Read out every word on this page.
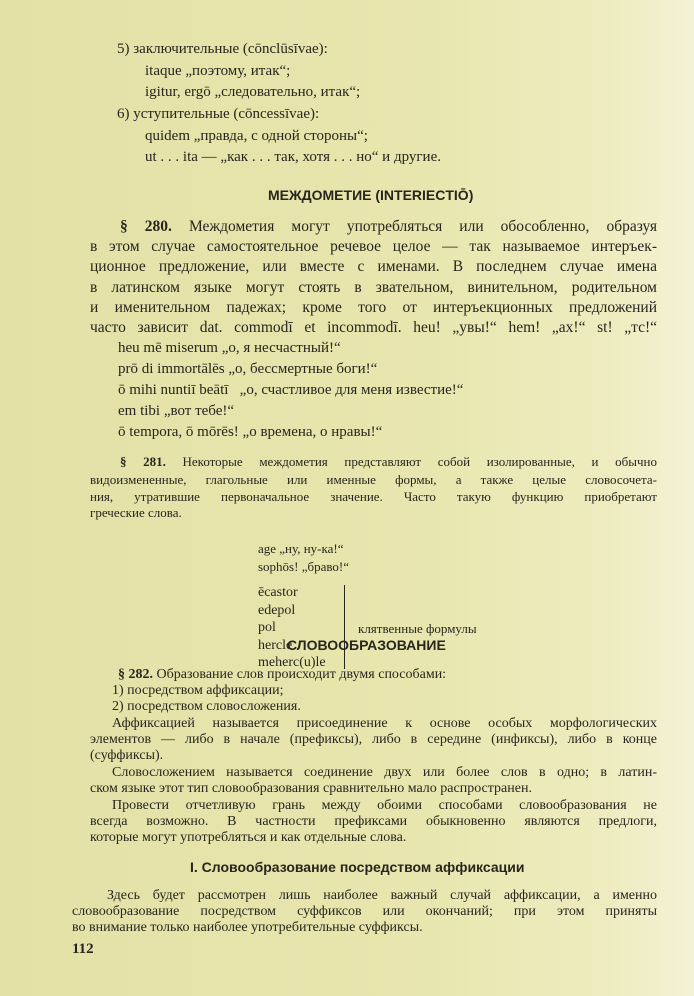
5) заключительные (cōnclūsīvae):
itaque „поэтому, итак“;
igitur, ergō „следовательно, итак“;
6) уступительные (cōncessīvae):
quidem „правда, с одной стороны“;
ut . . . ita — „как . . . так, хотя . . . но“ и другие.
МЕЖДОМЕТИЕ (INTERIECTIŌ)
§ 280. Междометия могут употребляться или обособленно, образуя
в этом случае самостоятельное речевое целое — так называемое интеръек-
ционное предложение, или вместе с именами. В последнем случае имена
в латинском языке могут стоять в звательном, винительном, родительном
и именительном падежах; кроме того от интеръекционных предложений
часто зависит dat. commodī et incommodī. heu! „увы!“ hem! „ах!“ st! „тс!“
heu mē miserum „о, я несчастный!“
prō di immortālēs „о, бессмертные боги!“
ō mihi nuntiī beātī   „о, счастливое для меня известие!“
em tibi „вот тебе!“
ō tempora, ō mōrēs! „о времена, о нравы!“
§ 281. Некоторые междометия представляют собой изолированные, и обычно
видоизмененные, глагольные или именные формы, а также целые словосочета-
ния, утратившие первоначальное значение. Часто такую функцию приобретают
греческие слова.
age „ну, ну-ка!“
sophōs! „браво!“
ēcastor
edepol
pol
hercle
meherc(u)le
клятвенные формулы
СЛОВООБРАЗОВАНИЕ
§ 282. Образование слов происходит двумя способами:
1) посредством аффиксации;
2) посредством словосложения.
Аффиксацией называется присоединение к основе особых морфологических
элементов — либо в начале (префиксы), либо в середине (инфиксы), либо в конце
(суффиксы).
Словосложением называется соединение двух или более слов в одно; в латин-
ском языке этот тип словообразования сравнительно мало распространен.
Провести отчетливую грань между обоими способами словообразования не
всегда возможно. В частности префиксами обыкновенно являются предлоги,
которые могут употребляться и как отдельные слова.
I. Словообразование посредством аффиксации
Здесь будет рассмотрен лишь наиболее важный случай аффиксации, а именно
словообразование посредством суффиксов или окончаний; при этом приняты
во внимание только наиболее употребительные суффиксы.
112
